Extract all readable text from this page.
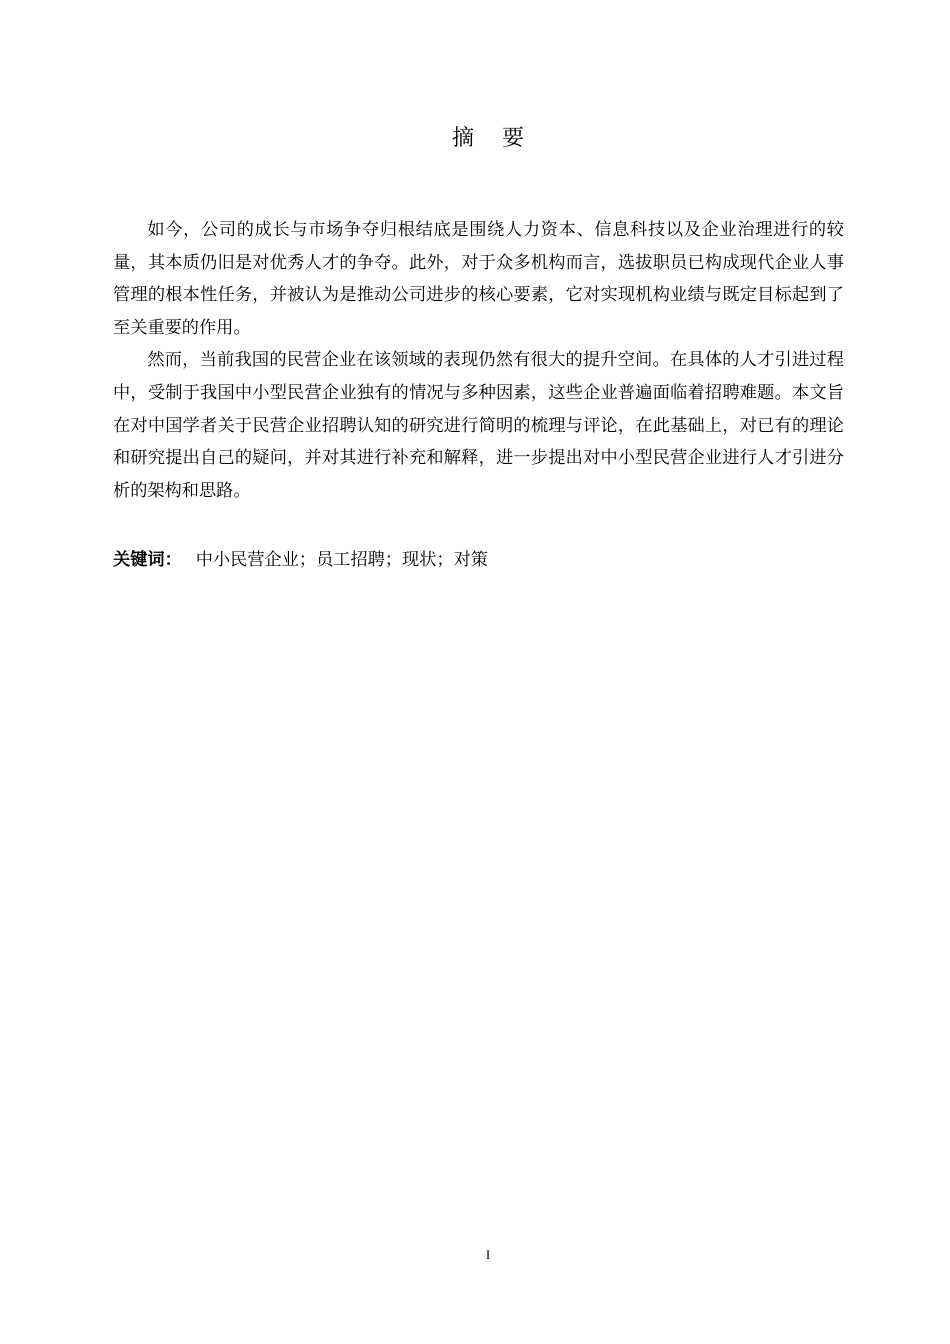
摘 要

如今，公司的成长与市场争夺归根结底是围绕人力资本、信息科技以及企业治理进行的较量，其本质仍旧是对优秀人才的争夺。此外，对于众多机构而言，选拔职员已构成现代企业人事管理的根本性任务，并被认为是推动公司进步的核心要素，它对实现机构业绩与既定目标起到了至关重要的作用。

然而，当前我国的民营企业在该领域的表现仍然有很大的提升空间。在具体的人才引进过程中，受制于我国中小型民营企业独有的情况与多种因素，这些企业普遍面临着招聘难题。本文旨在对中国学者关于民营企业招聘认知的研究进行简明的梳理与评论，在此基础上，对已有的理论和研究提出自己的疑问，并对其进行补充和解释，进一步提出对中小型民营企业进行人才引进分析的架构和思路。

关键词： 中小民营企业；员工招聘；现状；对策
I
